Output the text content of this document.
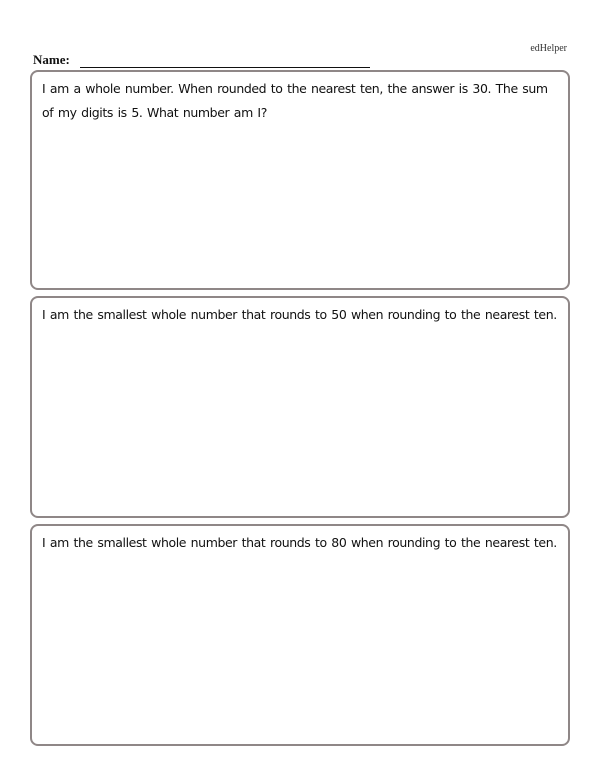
edHelper
Name:
I am a whole number. When rounded to the nearest ten, the answer is 30. The sum of my digits is 5. What number am I?
I am the smallest whole number that rounds to 50 when rounding to the nearest ten.
I am the smallest whole number that rounds to 80 when rounding to the nearest ten.
